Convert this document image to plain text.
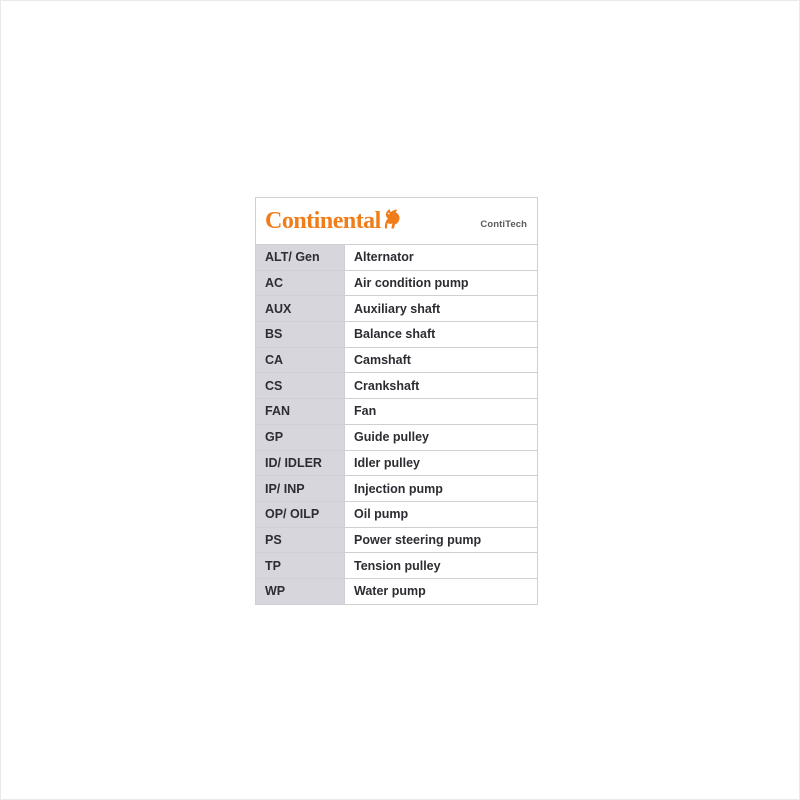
Continental	ContiTech
ALT/ Gen	Alternator
AC	Air condition pump
AUX	Auxiliary shaft
BS	Balance shaft
CA	Camshaft
CS	Crankshaft
FAN	Fan
GP	Guide pulley
ID/ IDLER	Idler pulley
IP/ INP	Injection pump
OP/ OILP	Oil pump
PS	Power steering pump
TP	Tension pulley
WP	Water pump
